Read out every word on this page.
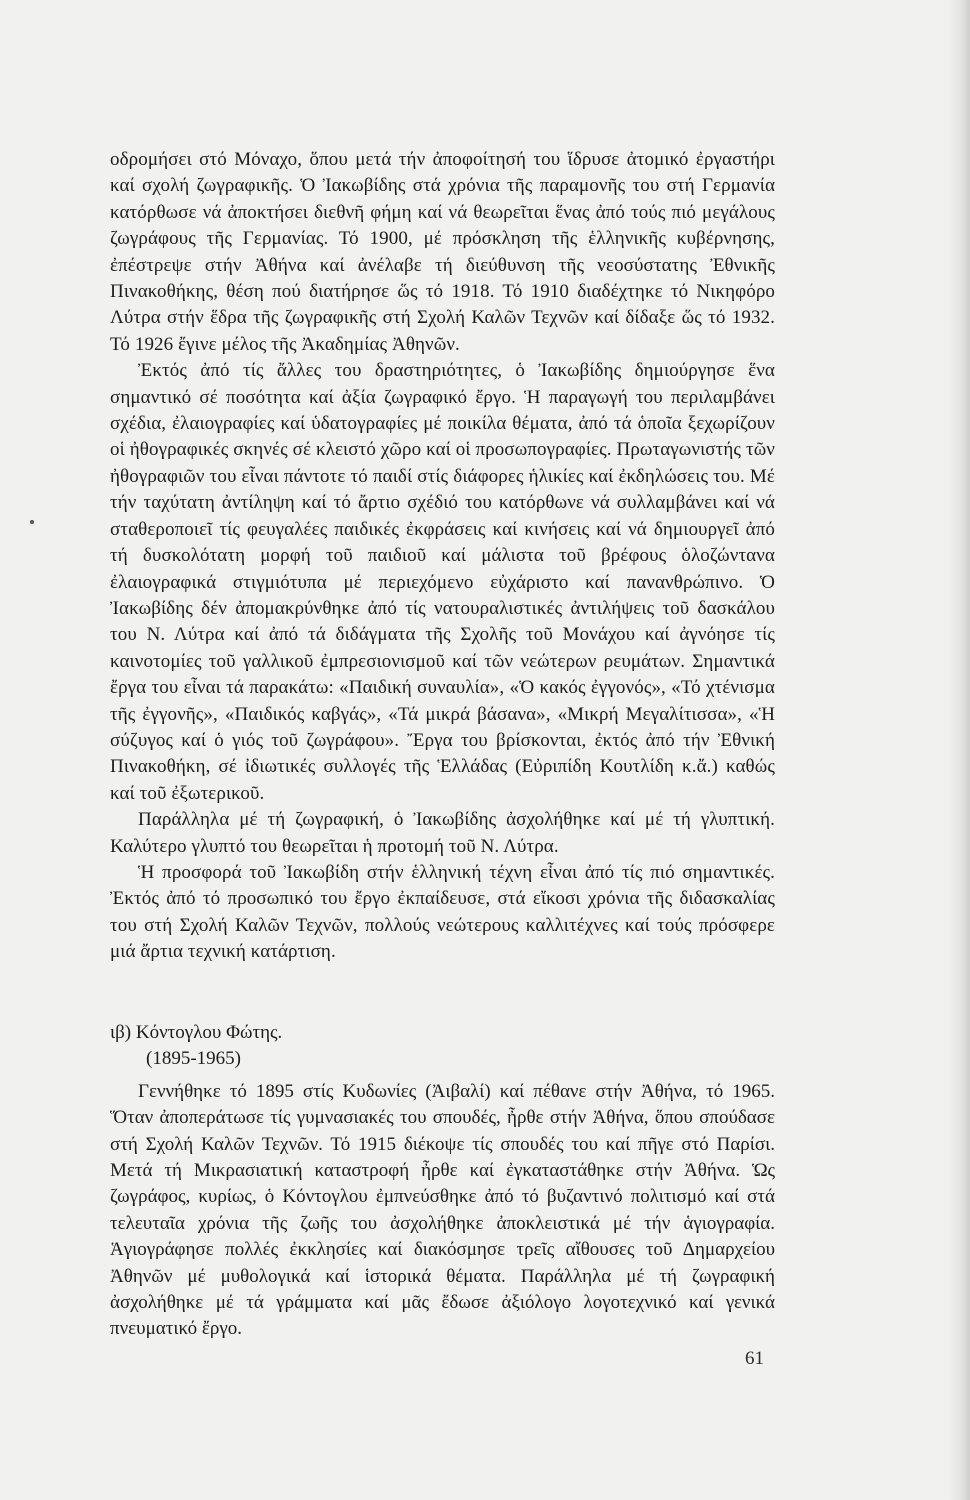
οδρομήσει στό Μόναχο, ὅπου μετά τήν ἀποφοίτησή του ἵδρυσε ἀτομικό ἐργαστήρι καί σχολή ζωγραφικῆς. Ὁ Ἰακωβίδης στά χρόνια τῆς παραμονῆς του στή Γερμανία κατόρθωσε νά ἀποκτήσει διεθνῆ φήμη καί νά θεωρεῖται ἕνας ἀπό τούς πιό μεγάλους ζωγράφους τῆς Γερμανίας. Τό 1900, μέ πρόσκληση τῆς ἑλληνικῆς κυβέρνησης, ἐπέστρεψε στήν Ἀθήνα καί ἀνέλαβε τή διεύθυνση τῆς νεοσύστατης Ἐθνικῆς Πινακοθήκης, θέση πού διατήρησε ὥς τό 1918. Τό 1910 διαδέχτηκε τό Νικηφόρο Λύτρα στήν ἕδρα τῆς ζωγραφικῆς στή Σχολή Καλῶν Τεχνῶν καί δίδαξε ὥς τό 1932. Τό 1926 ἔγινε μέλος τῆς Ἀκαδημίας Ἀθηνῶν.

Ἐκτός ἀπό τίς ἄλλες του δραστηριότητες, ὁ Ἰακωβίδης δημιούργησε ἕνα σημαντικό σέ ποσότητα καί ἀξία ζωγραφικό ἔργο. Ἡ παραγωγή του περιλαμβάνει σχέδια, ἐλαιογραφίες καί ὑδατογραφίες μέ ποικίλα θέματα, ἀπό τά ὁποῖα ξεχωρίζουν οἱ ἠθογραφικές σκηνές σέ κλειστό χῶρο καί οἱ προσωπογραφίες. Πρωταγωνιστής τῶν ἠθογραφιῶν του εἶναι πάντοτε τό παιδί στίς διάφορες ἡλικίες καί ἐκδηλώσεις του. Μέ τήν ταχύτατη ἀντίληψη καί τό ἄρτιο σχέδιό του κατόρθωνε νά συλλαμβάνει καί νά σταθεροποιεῖ τίς φευγαλέες παιδικές ἐκφράσεις καί κινήσεις καί νά δημιουργεῖ ἀπό τή δυσκολότατη μορφή τοῦ παιδιοῦ καί μάλιστα τοῦ βρέφους ὁλοζώντανα ἐλαιογραφικά στιγμιότυπα μέ περιεχόμενο εὐχάριστο καί πανανθρώπινο. Ὁ Ἰακωβίδης δέν ἀπομακρύνθηκε ἀπό τίς νατουραλιστικές ἀντιλήψεις τοῦ δασκάλου του Ν. Λύτρα καί ἀπό τά διδάγματα τῆς Σχολῆς τοῦ Μονάχου καί ἀγνόησε τίς καινοτομίες τοῦ γαλλικοῦ ἐμπρεσιονισμοῦ καί τῶν νεώτερων ρευμάτων. Σημαντικά ἔργα του εἶναι τά παρακάτω: «Παιδική συναυλία», «Ὁ κακός ἐγγονός», «Τό χτένισμα τῆς ἐγγονῆς», «Παιδικός καβγάς», «Τά μικρά βάσανα», «Μικρή Μεγαλίτισσα», «Ἡ σύζυγος καί ὁ γιός τοῦ ζωγράφου». Ἔργα του βρίσκονται, ἐκτός ἀπό τήν Ἐθνική Πινακοθήκη, σέ ἰδιωτικές συλλογές τῆς Ἑλλάδας (Εὐριπίδη Κουτλίδη κ.ἄ.) καθώς καί τοῦ ἐξωτερικοῦ.

Παράλληλα μέ τή ζωγραφική, ὁ Ἰακωβίδης ἀσχολήθηκε καί μέ τή γλυπτική. Καλύτερο γλυπτό του θεωρεῖται ἡ προτομή τοῦ Ν. Λύτρα.

Ἡ προσφορά τοῦ Ἰακωβίδη στήν ἑλληνική τέχνη εἶναι ἀπό τίς πιό σημαντικές. Ἐκτός ἀπό τό προσωπικό του ἔργο ἐκπαίδευσε, στά εἴκοσι χρόνια τῆς διδασκαλίας του στή Σχολή Καλῶν Τεχνῶν, πολλούς νεώτερους καλλιτέχνες καί τούς πρόσφερε μιά ἄρτια τεχνική κατάρτιση.

ιβ) Κόντογλου Φώτης.

(1895-1965)

Γεννήθηκε τό 1895 στίς Κυδωνίες (Ἀιβαλί) καί πέθανε στήν Ἀθήνα, τό 1965. Ὅταν ἀποπεράτωσε τίς γυμνασιακές του σπουδές, ἦρθε στήν Ἀθήνα, ὅπου σπούδασε στή Σχολή Καλῶν Τεχνῶν. Τό 1915 διέκοψε τίς σπουδές του καί πῆγε στό Παρίσι. Μετά τή Μικρασιατική καταστροφή ἦρθε καί ἐγκαταστάθηκε στήν Ἀθήνα. Ὡς ζωγράφος, κυρίως, ὁ Κόντογλου ἐμπνεύσθηκε ἀπό τό βυζαντινό πολιτισμό καί στά τελευταῖα χρόνια τῆς ζωῆς του ἀσχολήθηκε ἀποκλειστικά μέ τήν ἁγιογραφία. Ἁγιογράφησε πολλές ἐκκλησίες καί διακόσμησε τρεῖς αἴθουσες τοῦ Δημαρχείου Ἀθηνῶν μέ μυθολογικά καί ἱστορικά θέματα. Παράλληλα μέ τή ζωγραφική ἀσχολήθηκε μέ τά γράμματα καί μᾶς ἔδωσε ἀξιόλογο λογοτεχνικό καί γενικά πνευματικό ἔργο.

61
